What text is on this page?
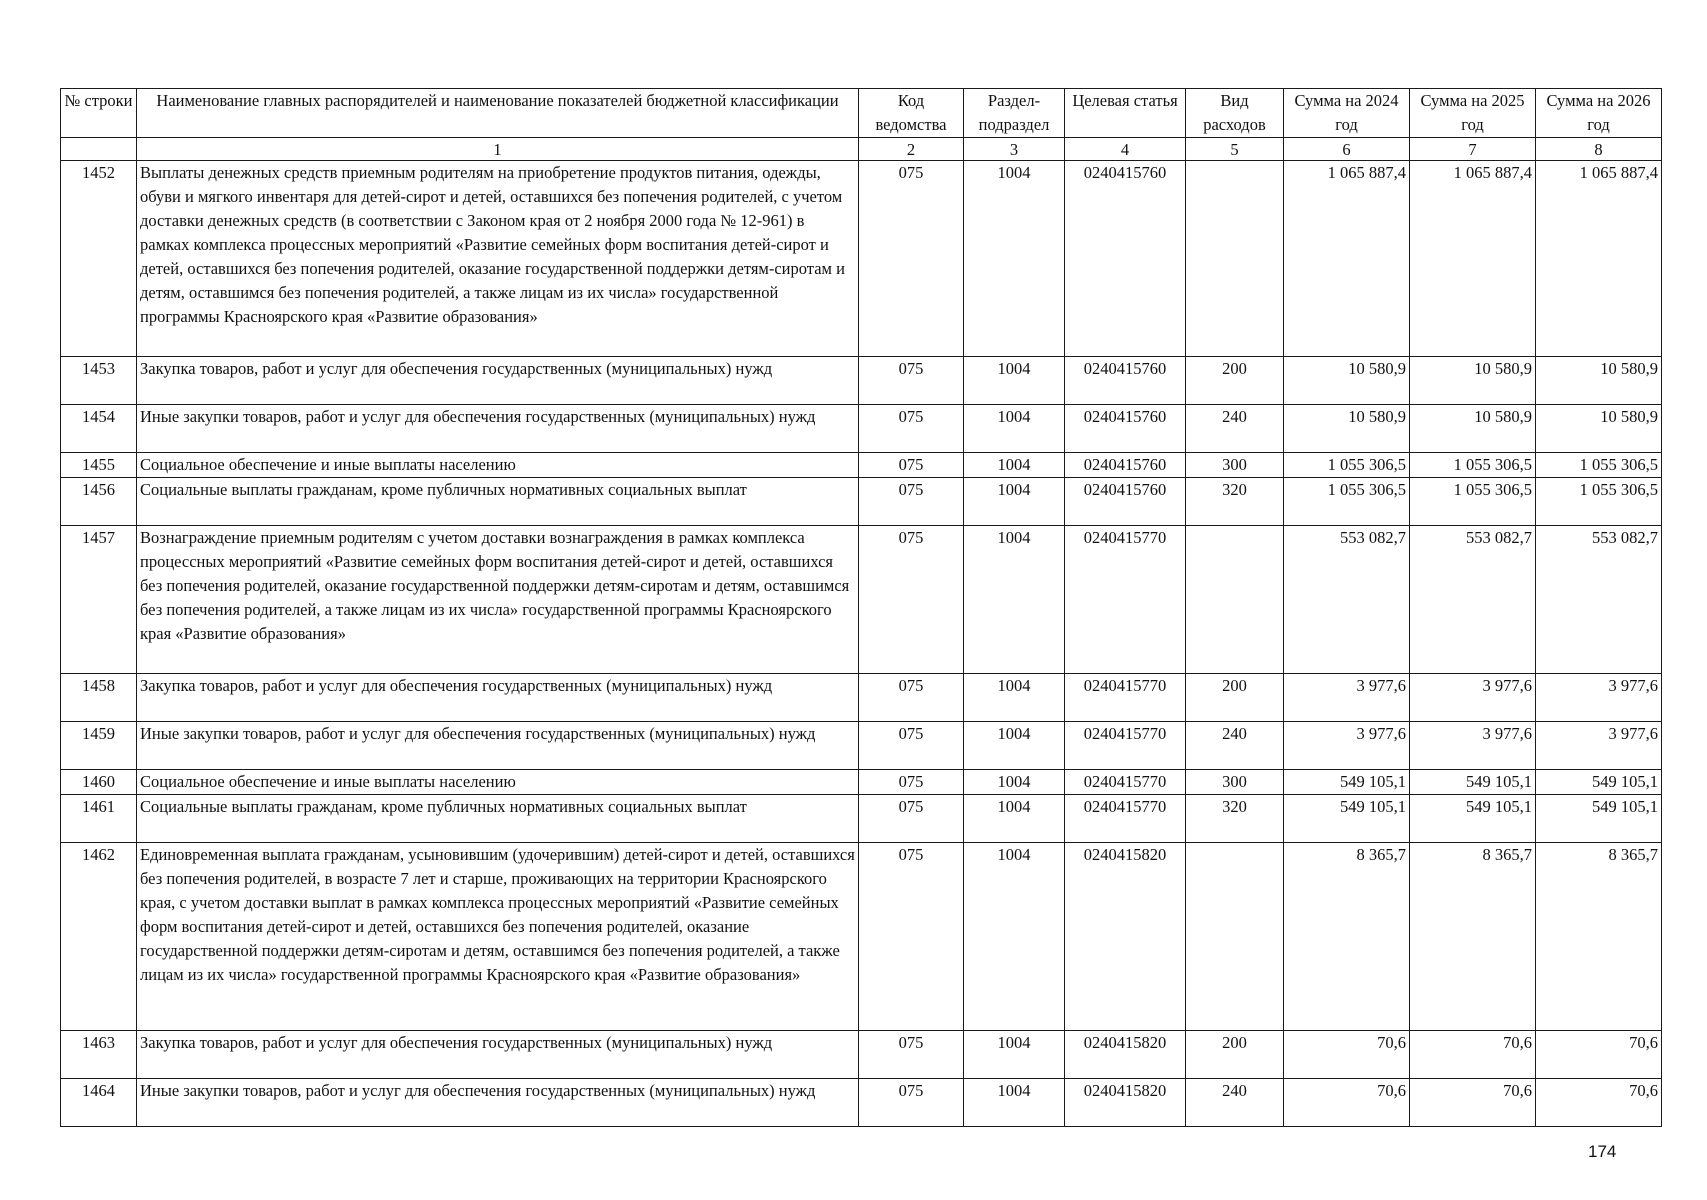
№ строки	Наименование главных распорядителей и наименование показателей бюджетной классификации	Код ведомства	Раздел-подраздел	Целевая статья	Вид расходов	Сумма на 2024 год	Сумма на 2025 год	Сумма на 2026 год
	1	2	3	4	5	6	7	8
1452	Выплаты денежных средств приемным родителям на приобретение продуктов питания, одежды, обуви и мягкого инвентаря для детей-сирот и детей, оставшихся без попечения родителей, с учетом доставки денежных средств (в соответствии с Законом края от 2 ноября 2000 года № 12-961) в рамках комплекса процессных мероприятий «Развитие семейных форм воспитания детей-сирот и детей, оставшихся без попечения родителей, оказание государственной поддержки детям-сиротам и детям, оставшимся без попечения родителей, а также лицам из их числа» государственной программы Красноярского края «Развитие образования»	075	1004	0240415760		1 065 887,4	1 065 887,4	1 065 887,4
1453	Закупка товаров, работ и услуг для обеспечения государственных (муниципальных) нужд	075	1004	0240415760	200	10 580,9	10 580,9	10 580,9
1454	Иные закупки товаров, работ и услуг для обеспечения государственных (муниципальных) нужд	075	1004	0240415760	240	10 580,9	10 580,9	10 580,9
1455	Социальное обеспечение и иные выплаты населению	075	1004	0240415760	300	1 055 306,5	1 055 306,5	1 055 306,5
1456	Социальные выплаты гражданам, кроме публичных нормативных социальных выплат	075	1004	0240415760	320	1 055 306,5	1 055 306,5	1 055 306,5
1457	Вознаграждение приемным родителям с учетом доставки вознаграждения в рамках комплекса процессных мероприятий «Развитие семейных форм воспитания детей-сирот и детей, оставшихся без попечения родителей, оказание государственной поддержки детям-сиротам и детям, оставшимся без попечения родителей, а также лицам из их числа» государственной программы Красноярского края «Развитие образования»	075	1004	0240415770		553 082,7	553 082,7	553 082,7
1458	Закупка товаров, работ и услуг для обеспечения государственных (муниципальных) нужд	075	1004	0240415770	200	3 977,6	3 977,6	3 977,6
1459	Иные закупки товаров, работ и услуг для обеспечения государственных (муниципальных) нужд	075	1004	0240415770	240	3 977,6	3 977,6	3 977,6
1460	Социальное обеспечение и иные выплаты населению	075	1004	0240415770	300	549 105,1	549 105,1	549 105,1
1461	Социальные выплаты гражданам, кроме публичных нормативных социальных выплат	075	1004	0240415770	320	549 105,1	549 105,1	549 105,1
1462	Единовременная выплата гражданам, усыновившим (удочерившим) детей-сирот и детей, оставшихся без попечения родителей, в возрасте 7 лет и старше, проживающих на территории Красноярского края, с учетом доставки выплат в рамках комплекса процессных мероприятий «Развитие семейных форм воспитания детей-сирот и детей, оставшихся без попечения родителей, оказание государственной поддержки детям-сиротам и детям, оставшимся без попечения родителей, а также лицам из их числа» государственной программы Красноярского края «Развитие образования»	075	1004	0240415820		8 365,7	8 365,7	8 365,7
1463	Закупка товаров, работ и услуг для обеспечения государственных (муниципальных) нужд	075	1004	0240415820	200	70,6	70,6	70,6
1464	Иные закупки товаров, работ и услуг для обеспечения государственных (муниципальных) нужд	075	1004	0240415820	240	70,6	70,6	70,6
174
